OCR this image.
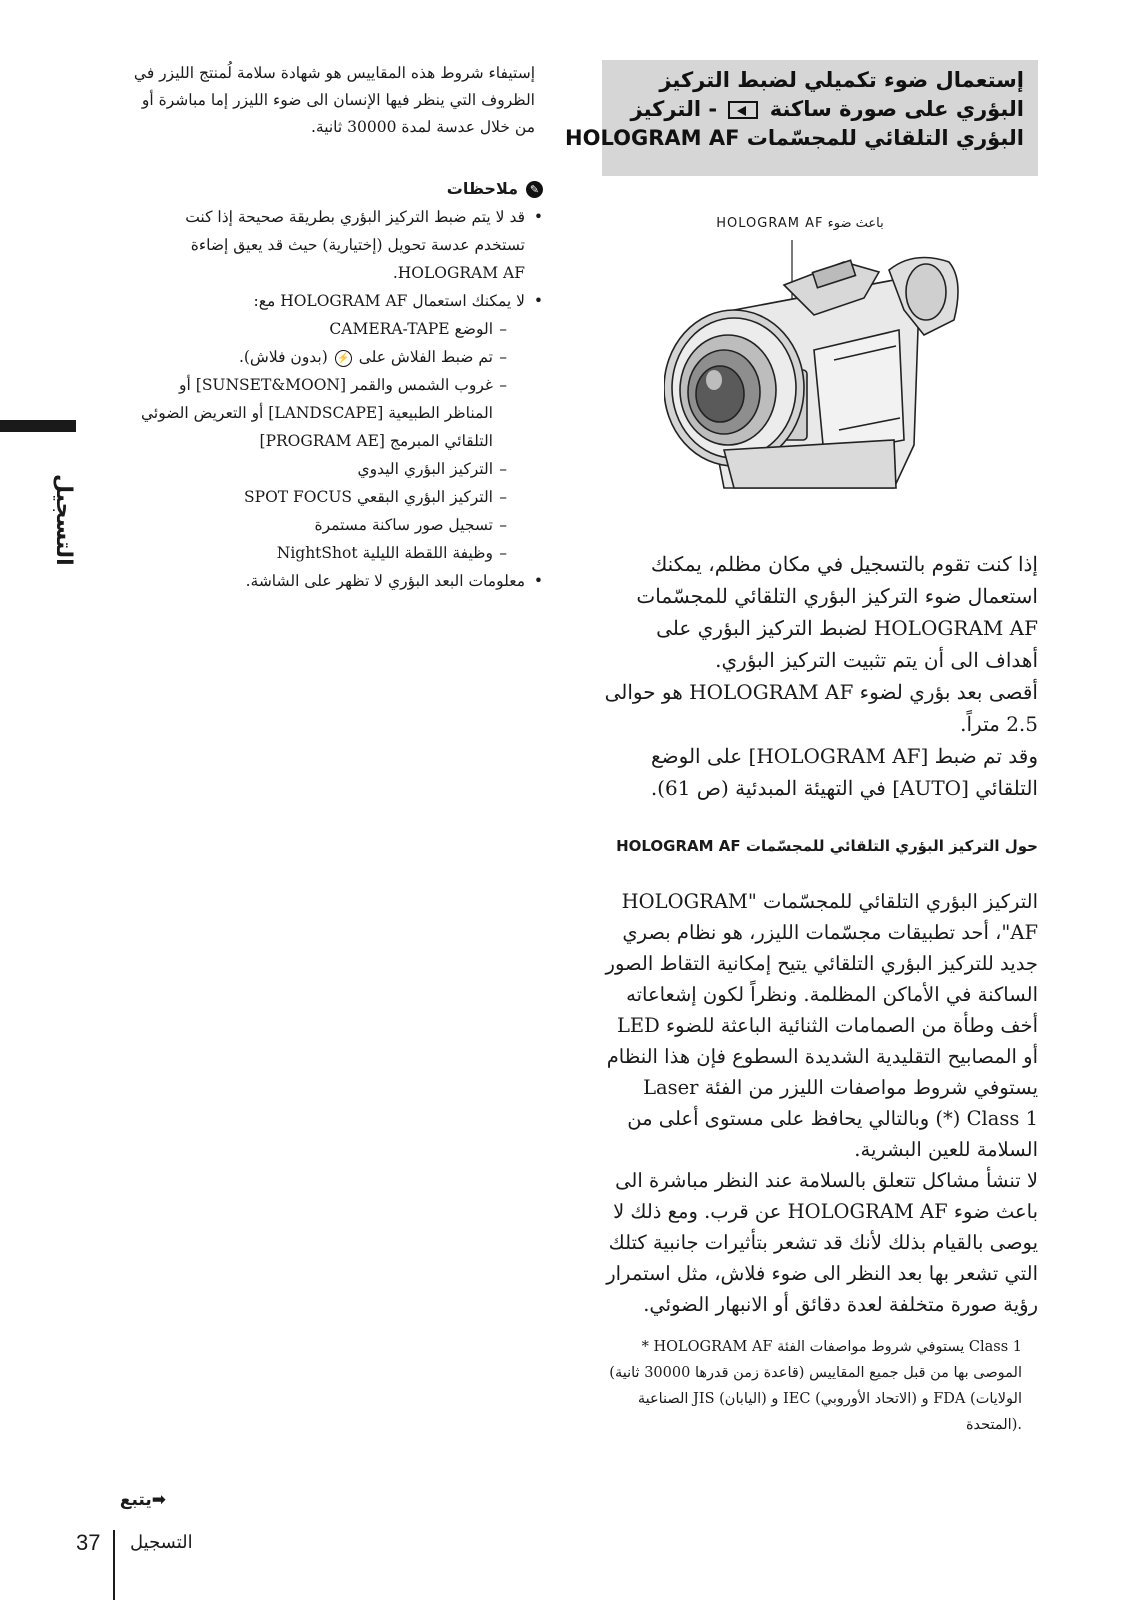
إستعمال ضوء تكميلي لضبط التركيز
البؤري على صورة ساكنة  - التركيز
البؤري التلقائي للمجسّمات HOLOGRAM AF
باعث ضوء HOLOGRAM AF

إذا كنت تقوم بالتسجيل في مكان مظلم، يمكنك استعمال ضوء التركيز البؤري التلقائي للمجسّمات HOLOGRAM AF لضبط التركيز البؤري على أهداف الى أن يتم تثبيت التركيز البؤري.

أقصى بعد بؤري لضوء HOLOGRAM AF هو حوالى 2.5 متراً.

وقد تم ضبط [HOLOGRAM AF] على الوضع التلقائي [AUTO] في التهيئة المبدئية (ص 61).

حول التركيز البؤري التلقائي للمجسّمات HOLOGRAM AF

التركيز البؤري التلقائي للمجسّمات "HOLOGRAM AF"، أحد تطبيقات مجسّمات الليزر، هو نظام بصري جديد للتركيز البؤري التلقائي يتيح إمكانية التقاط الصور الساكنة في الأماكن المظلمة. ونظراً لكون إشعاعاته أخف وطأة من الصمامات الثنائية الباعثة للضوء LED أو المصابيح التقليدية الشديدة السطوع فإن هذا النظام يستوفي شروط مواصفات الليزر من الفئة Laser Class 1 (*) وبالتالي يحافظ على مستوى أعلى من السلامة للعين البشرية.

لا تنشأ مشاكل تتعلق بالسلامة عند النظر مباشرة الى باعث ضوء HOLOGRAM AF عن قرب. ومع ذلك لا يوصى بالقيام بذلك لأنك قد تشعر بتأثيرات جانبية كتلك التي تشعر بها بعد النظر الى ضوء فلاش، مثل استمرار رؤية صورة متخلفة لعدة دقائق أو الانبهار الضوئي.

* HOLOGRAM AF يستوفي شروط مواصفات الفئة Class 1 (قاعدة زمن قدرها 30000 ثانية) الموصى بها من قبل جميع المقاييس الصناعية JIS (اليابان) و IEC (الاتحاد الأوروبي) و FDA (الولايات المتحدة).
إستيفاء شروط هذه المقاييس هو شهادة سلامة لُمنتج الليزر في الظروف التي ينظر فيها الإنسان الى ضوء الليزر إما مباشرة أو من خلال عدسة لمدة 30000 ثانية.
✎ملاحظات
• قد لا يتم ضبط التركيز البؤري بطريقة صحيحة إذا كنت تستخدم عدسة تحويل (إختيارية) حيث قد يعيق إضاءة HOLOGRAM AF.
• لا يمكنك استعمال HOLOGRAM AF مع:
– الوضع CAMERA-TAPE
– تم ضبط الفلاش على ⚡ (بدون فلاش).
– غروب الشمس والقمر [SUNSET&MOON] أو المناظر الطبيعية [LANDSCAPE] أو التعريض الضوئي التلقائي المبرمج [PROGRAM AE]
– التركيز البؤري اليدوي
– التركيز البؤري البقعي SPOT FOCUS
– تسجيل صور ساكنة مستمرة
– وظيفة اللقطة الليلية NightShot
• معلومات البعد البؤري لا تظهر على الشاشة.
التسجيل
➡يتبع
37 التسجيل
